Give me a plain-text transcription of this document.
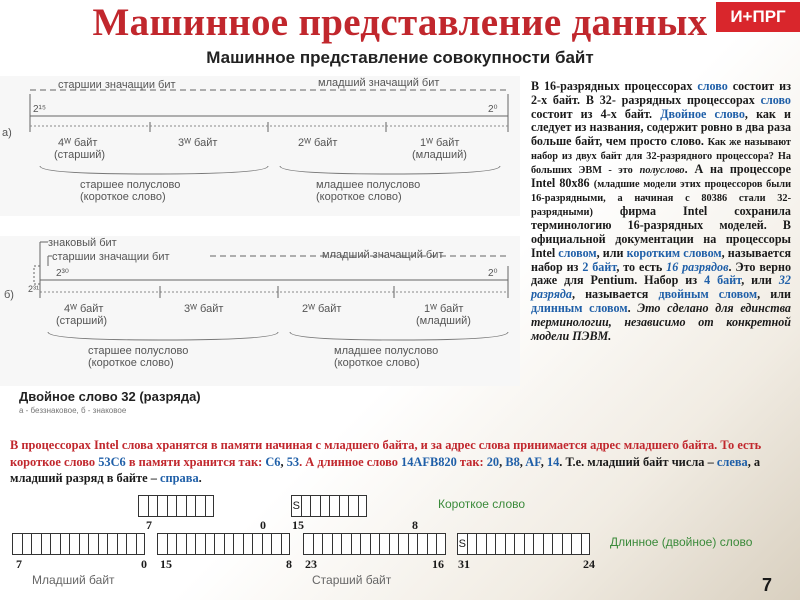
Машинное представление данных	И+ПРГ
Машинное представление совокупности байт
а)
старшии значащии бит	младший значащий бит
2¹⁵	2⁰
4ᵂ байт
(старший)
3ᵂ байт	2ᵂ байт	1ᵂ байт
(младший)
старшее полуслово
(короткое слово)
младшее полуслово
(короткое слово)
б)
знаковый бит
старшии значащии бит	младший значащий бит
2³⁰
2³¹
2⁰
4ᵂ байт
(старший)
3ᵂ байт	2ᵂ байт	1ᵂ байт
(младший)
старшее полуслово
(короткое слово)
младшее полуслово
(короткое слово)
Двойное слово 32 (разряда)
а - беззнаковое, б - знаковое
В 16-разрядных процессорах слово состоит из 2-х байт. В 32- разрядных процессорах слово состоит из 4-х байт. Двойное слово, как и следует из названия, содержит ровно в два раза больше байт, чем просто слово. Как же называют набор из двух байт для 32-разрядного процессора? На больших ЭВМ - это полуслово. А на процессоре Intel 80x86 (младшие модели этих процессоров были 16-разрядными, а начиная с 80386 стали 32-разрядными) фирма Intel сохранила терминологию 16-разрядных моделей. В официальной документации на процессоры Intel словом, или коротким словом, называется набор из 2 байт, то есть 16 разрядов. Это верно даже для Pentium. Набор из 4 байт, или 32 разряда, называется двойным словом, или длинным словом. Это сделано для единства терминологии, независимо от конкретной модели ПЭВМ.
В процессорах Intel слова хранятся в памяти начиная с младшего байта, и за адрес слова принимается адрес младшего байта. То есть короткое слово 53C6 в памяти хранится так: C6, 53. А длинное слово 14AFB820 так: 20, B8, AF, 14. Т.е. младший байт числа – слева, а младший разряд в байте – справа.
S	Короткое слово
7	0 15	8
S	Длинное (двойное) слово
7	0 15	8 23	16 31	24
Младший байт	Старший байт	7
